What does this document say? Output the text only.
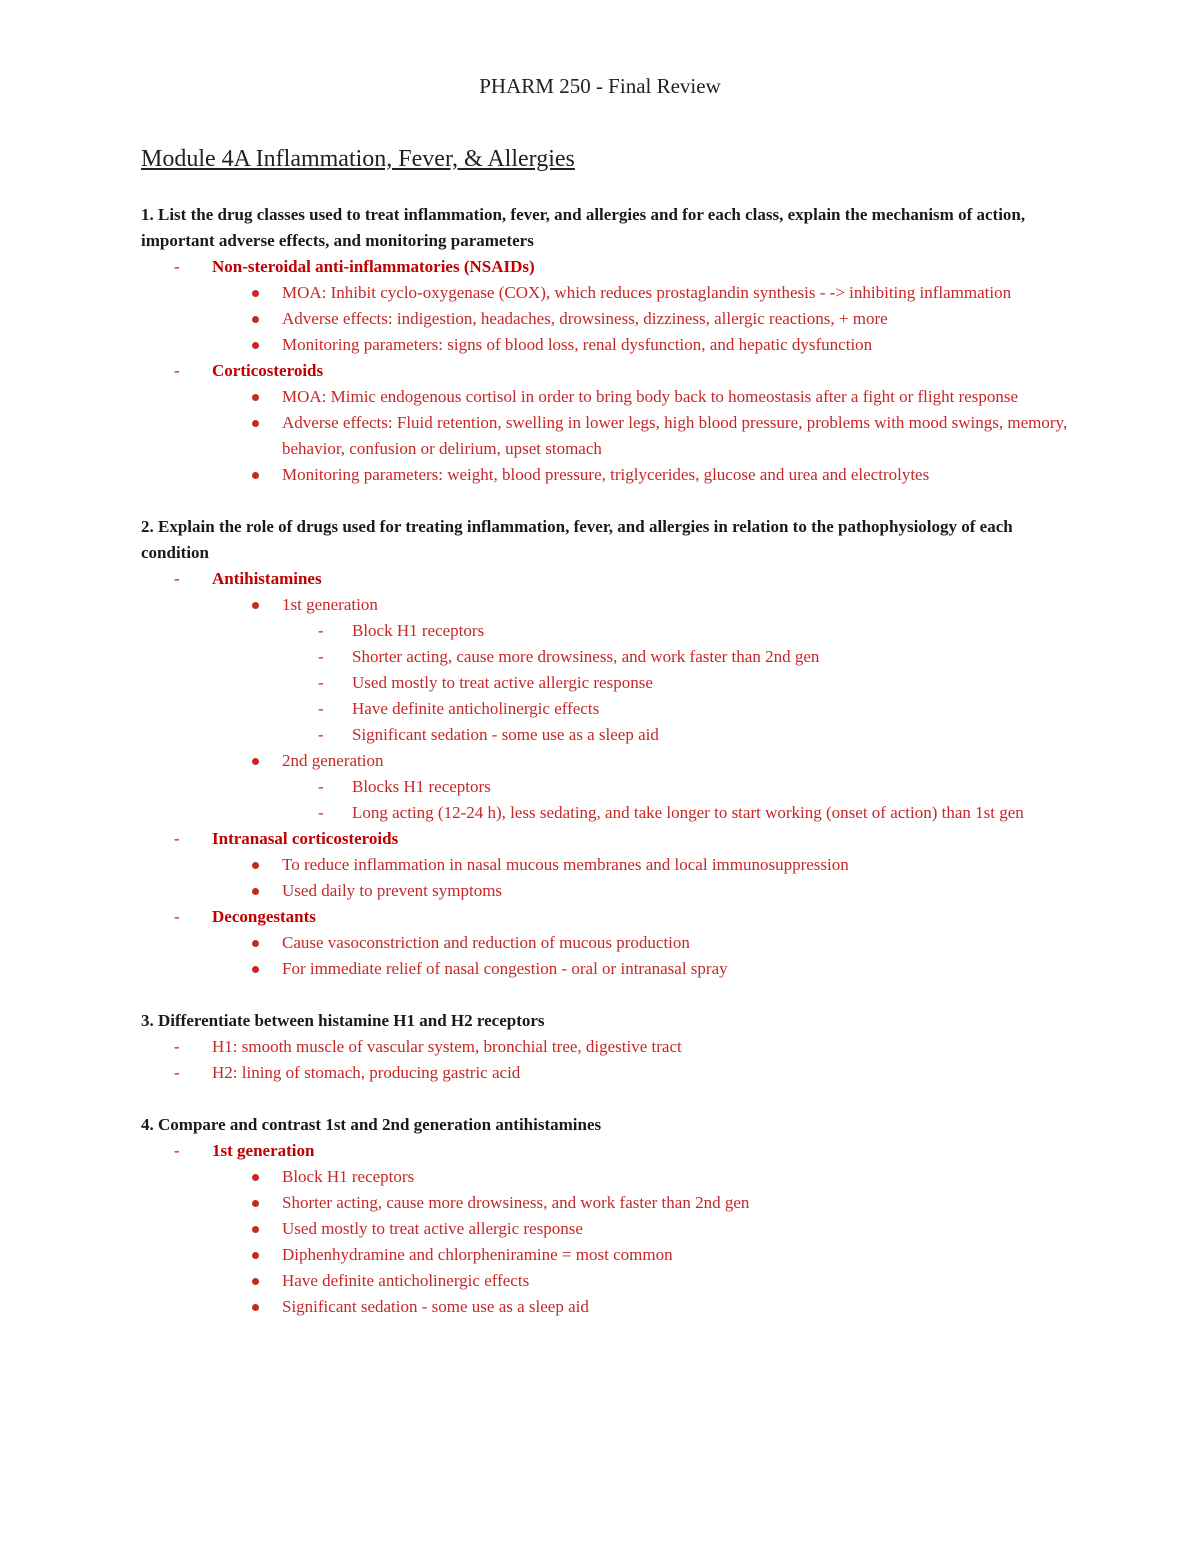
PHARM 250 - Final Review
Module 4A Inflammation, Fever, & Allergies

1. List the drug classes used to treat inflammation, fever, and allergies and for each class, explain the mechanism of action, important adverse effects, and monitoring parameters

- Non-steroidal anti-inflammatories (NSAIDs)
MOA: Inhibit cyclo-oxygenase (COX), which reduces prostaglandin synthesis - -> inhibiting inflammation
Adverse effects: indigestion, headaches, drowsiness, dizziness, allergic reactions, + more
Monitoring parameters: signs of blood loss, renal dysfunction, and hepatic dysfunction
- Corticosteroids
MOA: Mimic endogenous cortisol in order to bring body back to homeostasis after a fight or flight response
Adverse effects: Fluid retention, swelling in lower legs, high blood pressure, problems with mood swings, memory, behavior, confusion or delirium, upset stomach
Monitoring parameters: weight, blood pressure, triglycerides, glucose and urea and electrolytes

2. Explain the role of drugs used for treating inflammation, fever, and allergies in relation to the pathophysiology of each condition

- Antihistamines
1st generation
- Block H1 receptors
- Shorter acting, cause more drowsiness, and work faster than 2nd gen
- Used mostly to treat active allergic response
- Have definite anticholinergic effects
- Significant sedation - some use as a sleep aid
2nd generation
- Blocks H1 receptors
- Long acting (12-24 h), less sedating, and take longer to start working (onset of action) than 1st gen
- Intranasal corticosteroids
To reduce inflammation in nasal mucous membranes and local immunosuppression
Used daily to prevent symptoms
- Decongestants
Cause vasoconstriction and reduction of mucous production
For immediate relief of nasal congestion - oral or intranasal spray

3. Differentiate between histamine H1 and H2 receptors

- H1: smooth muscle of vascular system, bronchial tree, digestive tract
- H2: lining of stomach, producing gastric acid

4. Compare and contrast 1st and 2nd generation antihistamines

- 1st generation
Block H1 receptors
Shorter acting, cause more drowsiness, and work faster than 2nd gen
Used mostly to treat active allergic response
Diphenhydramine and chlorpheniramine = most common
Have definite anticholinergic effects
Significant sedation - some use as a sleep aid
